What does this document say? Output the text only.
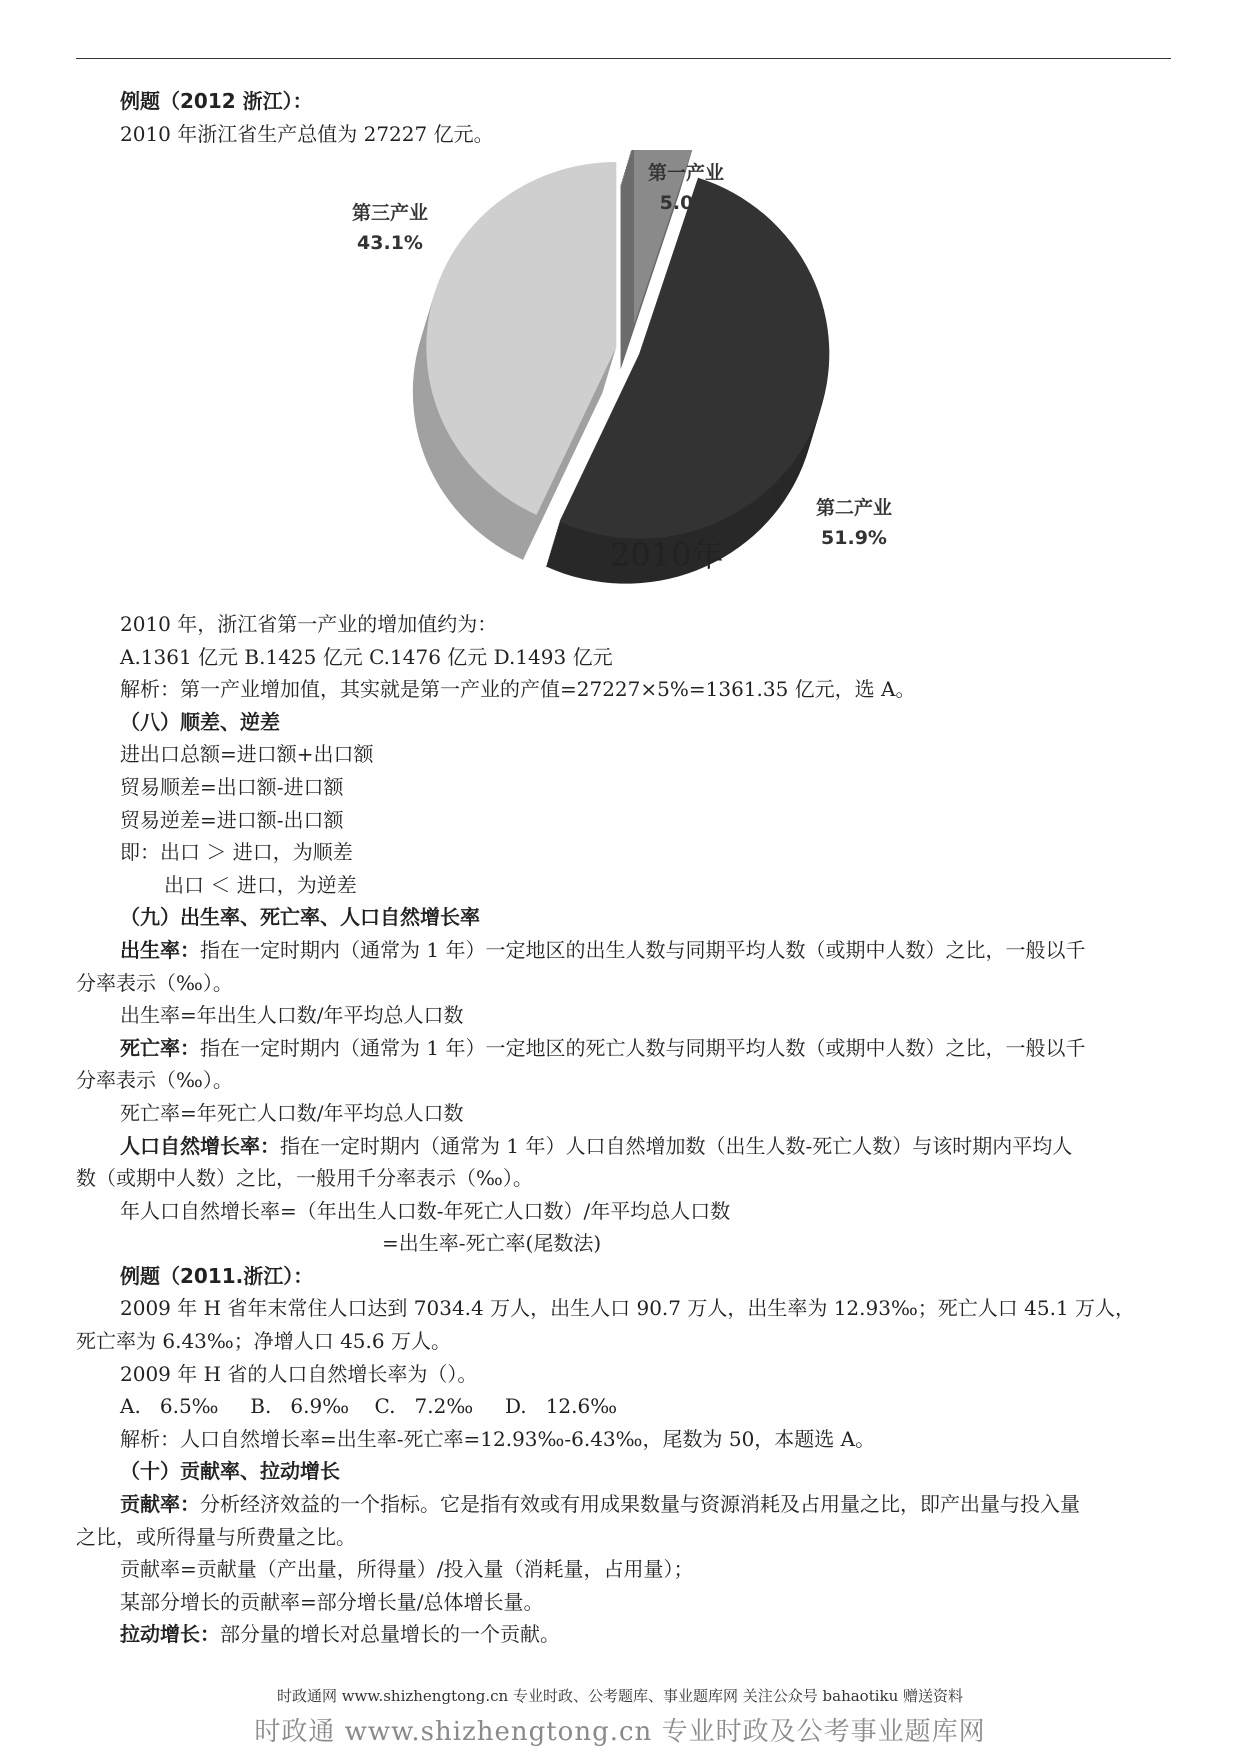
例题（2012 浙江）：
2010 年浙江省生产总值为 27227 亿元。
第一产业
5.0%
第二产业
51.9%
第三产业
43.1%
2010年
2010 年，浙江省第一产业的增加值约为：
A.1361 亿元 B.1425 亿元 C.1476 亿元 D.1493 亿元
解析：第一产业增加值，其实就是第一产业的产值=27227×5%=1361.35 亿元，选 A。
（八）顺差、逆差
进出口总额=进口额+出口额
贸易顺差=出口额-进口额
贸易逆差=进口额-出口额
即：出口 ＞ 进口，为顺差
出口 ＜ 进口，为逆差
（九）出生率、死亡率、人口自然增长率
出生率：指在一定时期内（通常为 1 年）一定地区的出生人数与同期平均人数（或期中人数）之比，一般以千
分率表示（‰）。
出生率=年出生人口数/年平均总人口数
死亡率：指在一定时期内（通常为 1 年）一定地区的死亡人数与同期平均人数（或期中人数）之比，一般以千
分率表示（‰）。
死亡率=年死亡人口数/年平均总人口数
人口自然增长率：指在一定时期内（通常为 1 年）人口自然增加数（出生人数-死亡人数）与该时期内平均人
数（或期中人数）之比，一般用千分率表示（‰）。
年人口自然增长率=（年出生人口数-年死亡人口数）/年平均总人口数
=出生率-死亡率(尾数法)
例题（2011.浙江）：
2009 年 H 省年末常住人口达到 7034.4 万人，出生人口 90.7 万人，出生率为 12.93‰；死亡人口 45.1 万人，
死亡率为 6.43‰；净增人口 45.6 万人。
2009 年 H 省的人口自然增长率为（）。
A.   6.5‰     B.   6.9‰    C.   7.2‰     D.   12.6‰
解析：人口自然增长率=出生率-死亡率=12.93‰-6.43‰，尾数为 50，本题选 A。
（十）贡献率、拉动增长
贡献率：分析经济效益的一个指标。它是指有效或有用成果数量与资源消耗及占用量之比，即产出量与投入量
之比，或所得量与所费量之比。
贡献率=贡献量（产出量，所得量）/投入量（消耗量，占用量）；
某部分增长的贡献率=部分增长量/总体增长量。
拉动增长：部分量的增长对总量增长的一个贡献。
时政通网 www.shizhengtong.cn 专业时政、公考题库、事业题库网 关注公众号 bahaotiku 赠送资料
时政通 www.shizhengtong.cn 专业时政及公考事业题库网
